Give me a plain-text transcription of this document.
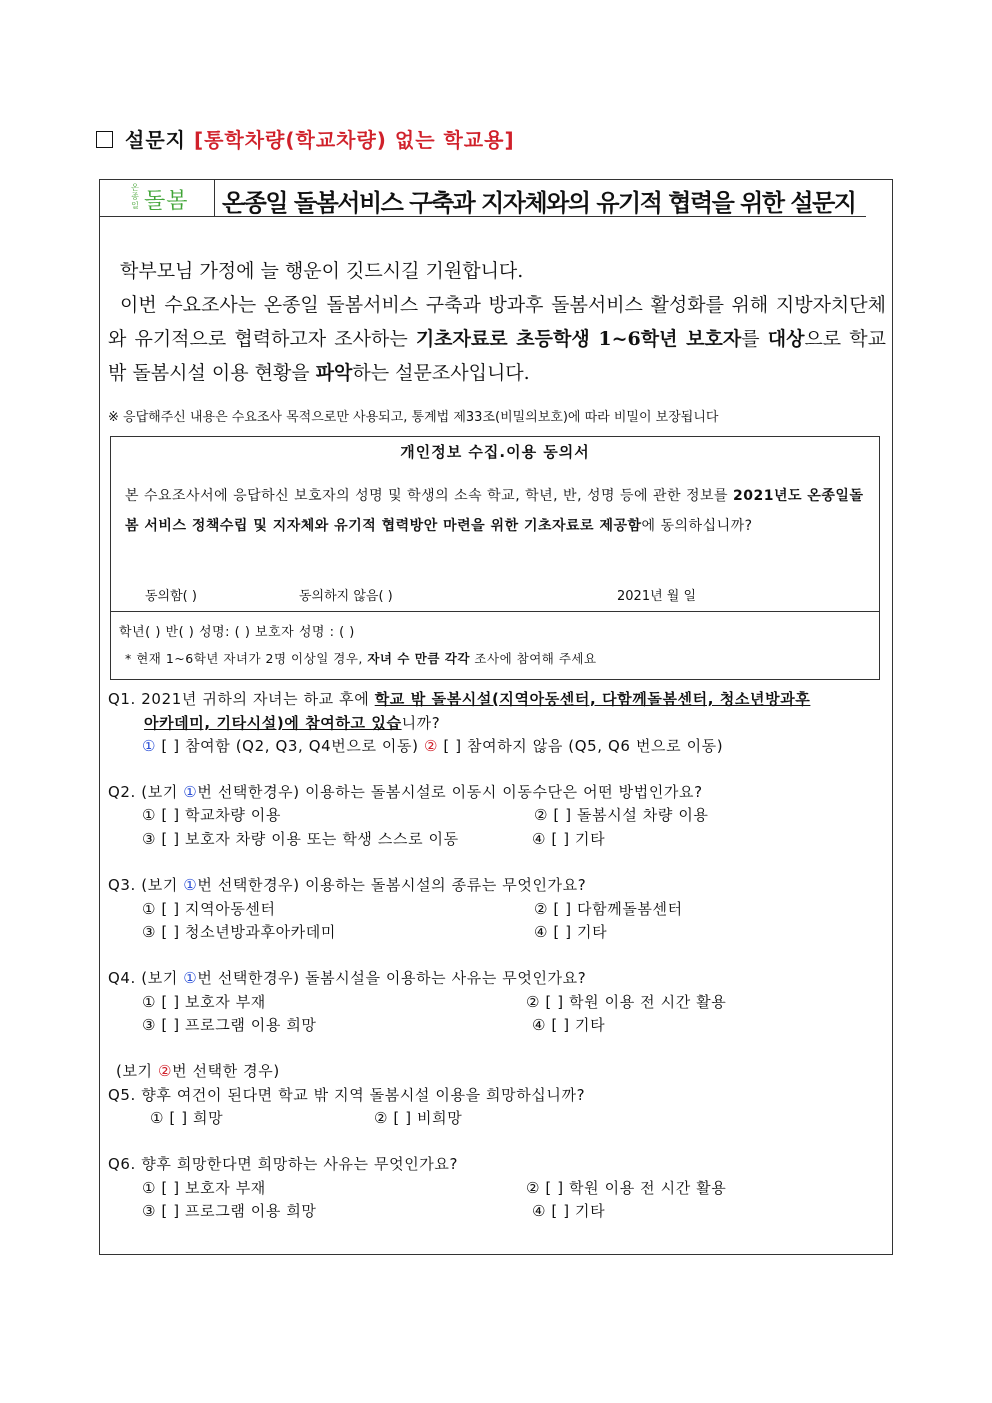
설문지 [통학차량(학교차량) 없는 학교용]
온종일 돌봄 온종일 돌봄서비스 구축과 지자체와의 유기적 협력을 위한 설문지

학부모님 가정에 늘 행운이 깃드시길 기원합니다.

이번 수요조사는 온종일 돌봄서비스 구축과 방과후 돌봄서비스 활성화를 위해 지방자치단체와 유기적으로 협력하고자 조사하는 기초자료로 초등학생 1~6학년 보호자를 대상으로 학교 밖 돌봄시설 이용 현황을 파악하는 설문조사입니다.

※ 응답해주신 내용은 수요조사 목적으로만 사용되고, 통계법 제33조(비밀의보호)에 따라 비밀이 보장됩니다
개인정보 수집.이용 동의서
본 수요조사서에 응답하신 보호자의 성명 및 학생의 소속 학교, 학년, 반, 성명 등에 관한 정보를 2021년도 온종일돌봄 서비스 정책수립 및 지자체와 유기적 협력방안 마련을 위한 기초자료로 제공함에 동의하십니까?
동의함( )	동의하지 않음( )	2021년 월 일
학년( ) 반( ) 성명: ( ) 보호자 성명 : ( )
* 현재 1~6학년 자녀가 2명 이상일 경우, 자녀 수 만큼 각각 조사에 참여해 주세요
Q1. 2021년 귀하의 자녀는 하교 후에 학교 밖 돌봄시설(지역아동센터, 다함께돌봄센터, 청소년방과후
아카데미, 기타시설)에 참여하고 있습니까?
① [ ] 참여함 (Q2, Q3, Q4번으로 이동) ② [ ] 참여하지 않음 (Q5, Q6 번으로 이동)
Q2. (보기 ①번 선택한경우) 이용하는 돌봄시설로 이동시 이동수단은 어떤 방법인가요?
① [ ] 학교차량 이용	② [ ] 돌봄시설 차량 이용
③ [ ] 보호자 차량 이용 또는 학생 스스로 이동	④ [ ] 기타
Q3. (보기 ①번 선택한경우) 이용하는 돌봄시설의 종류는 무엇인가요?
① [ ] 지역아동센터	② [ ] 다함께돌봄센터
③ [ ] 청소년방과후아카데미	④ [ ] 기타
Q4. (보기 ①번 선택한경우) 돌봄시설을 이용하는 사유는 무엇인가요?
① [ ] 보호자 부재	② [ ] 학원 이용 전 시간 활용
③ [ ] 프로그램 이용 희망	④ [ ] 기타
(보기 ②번 선택한 경우)
Q5. 향후 여건이 된다면 학교 밖 지역 돌봄시설 이용을 희망하십니까?
① [ ] 희망	② [ ] 비희망
Q6. 향후 희망한다면 희망하는 사유는 무엇인가요?
① [ ] 보호자 부재	② [ ] 학원 이용 전 시간 활용
③ [ ] 프로그램 이용 희망	④ [ ] 기타
